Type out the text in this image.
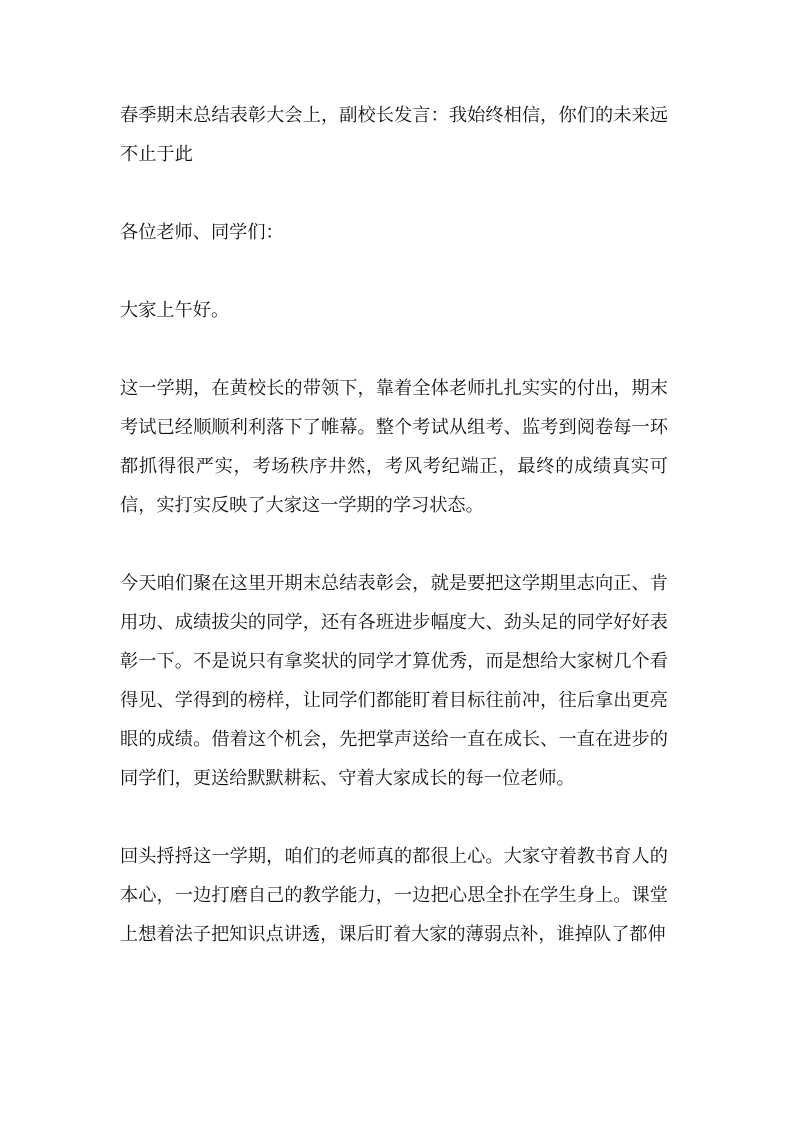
春季期末总结表彰大会上，副校长发言：我始终相信，你们的未来远不止于此

各位老师、同学们：

大家上午好。

这一学期，在黄校长的带领下，靠着全体老师扎扎实实的付出，期末考试已经顺顺利利落下了帷幕。整个考试从组考、监考到阅卷每一环都抓得很严实，考场秩序井然，考风考纪端正，最终的成绩真实可信，实打实反映了大家这一学期的学习状态。

今天咱们聚在这里开期末总结表彰会，就是要把这学期里志向正、肯用功、成绩拔尖的同学，还有各班进步幅度大、劲头足的同学好好表彰一下。不是说只有拿奖状的同学才算优秀，而是想给大家树几个看得见、学得到的榜样，让同学们都能盯着目标往前冲，往后拿出更亮眼的成绩。借着这个机会，先把掌声送给一直在成长、一直在进步的同学们，更送给默默耕耘、守着大家成长的每一位老师。

回头捋捋这一学期，咱们的老师真的都很上心。大家守着教书育人的本心，一边打磨自己的教学能力，一边把心思全扑在学生身上。课堂上想着法子把知识点讲透，课后盯着大家的薄弱点补，谁掉队了都伸
